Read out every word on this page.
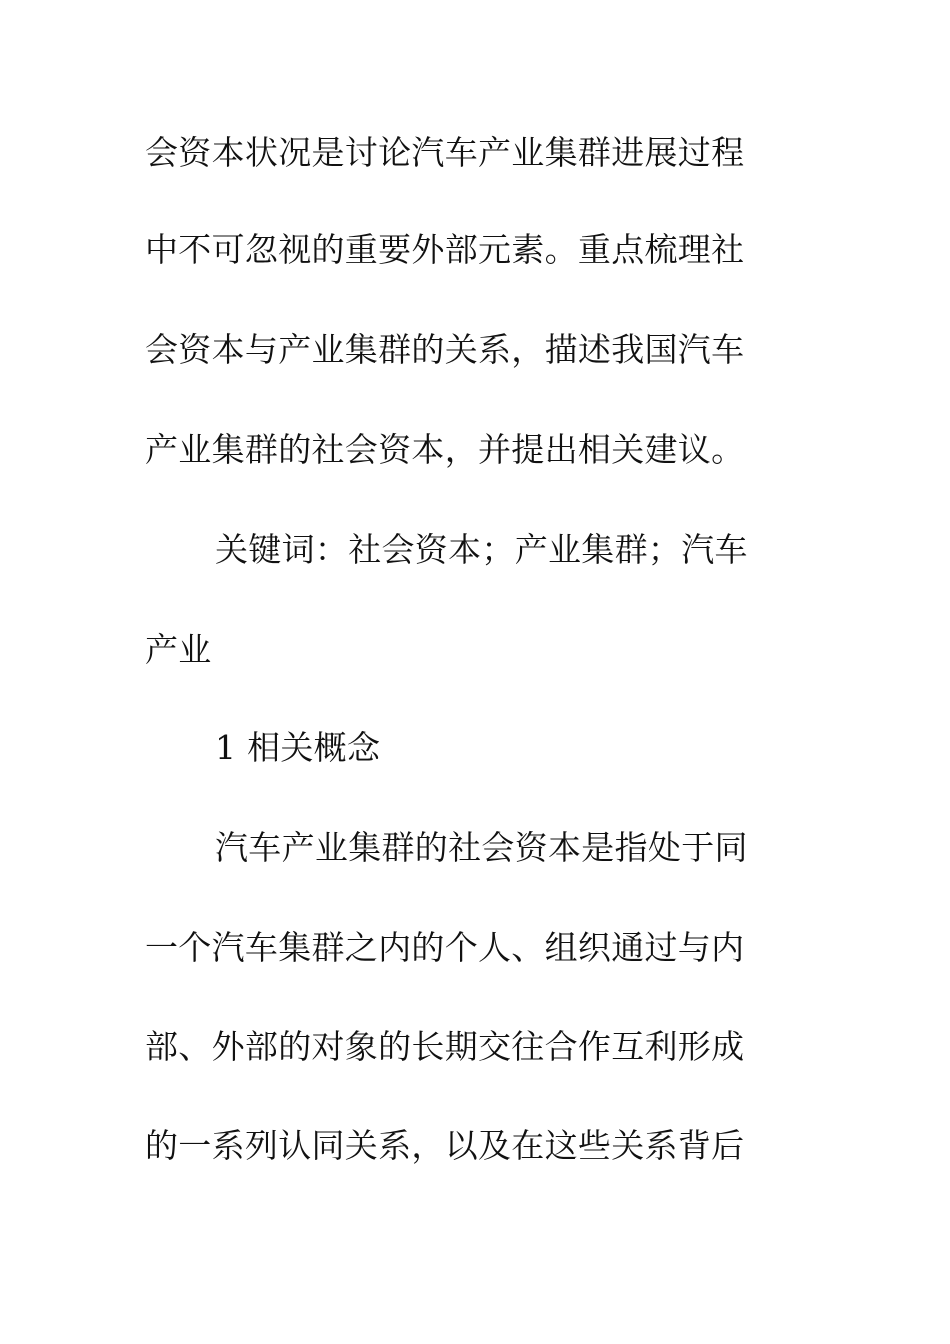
会资本状况是讨论汽车产业集群进展过程
中不可忽视的重要外部元素。重点梳理社
会资本与产业集群的关系，描述我国汽车
产业集群的社会资本，并提出相关建议。
关键词：社会资本；产业集群；汽车
产业
1 相关概念
汽车产业集群的社会资本是指处于同
一个汽车集群之内的个人、组织通过与内
部、外部的对象的长期交往合作互利形成
的一系列认同关系，以及在这些关系背后
